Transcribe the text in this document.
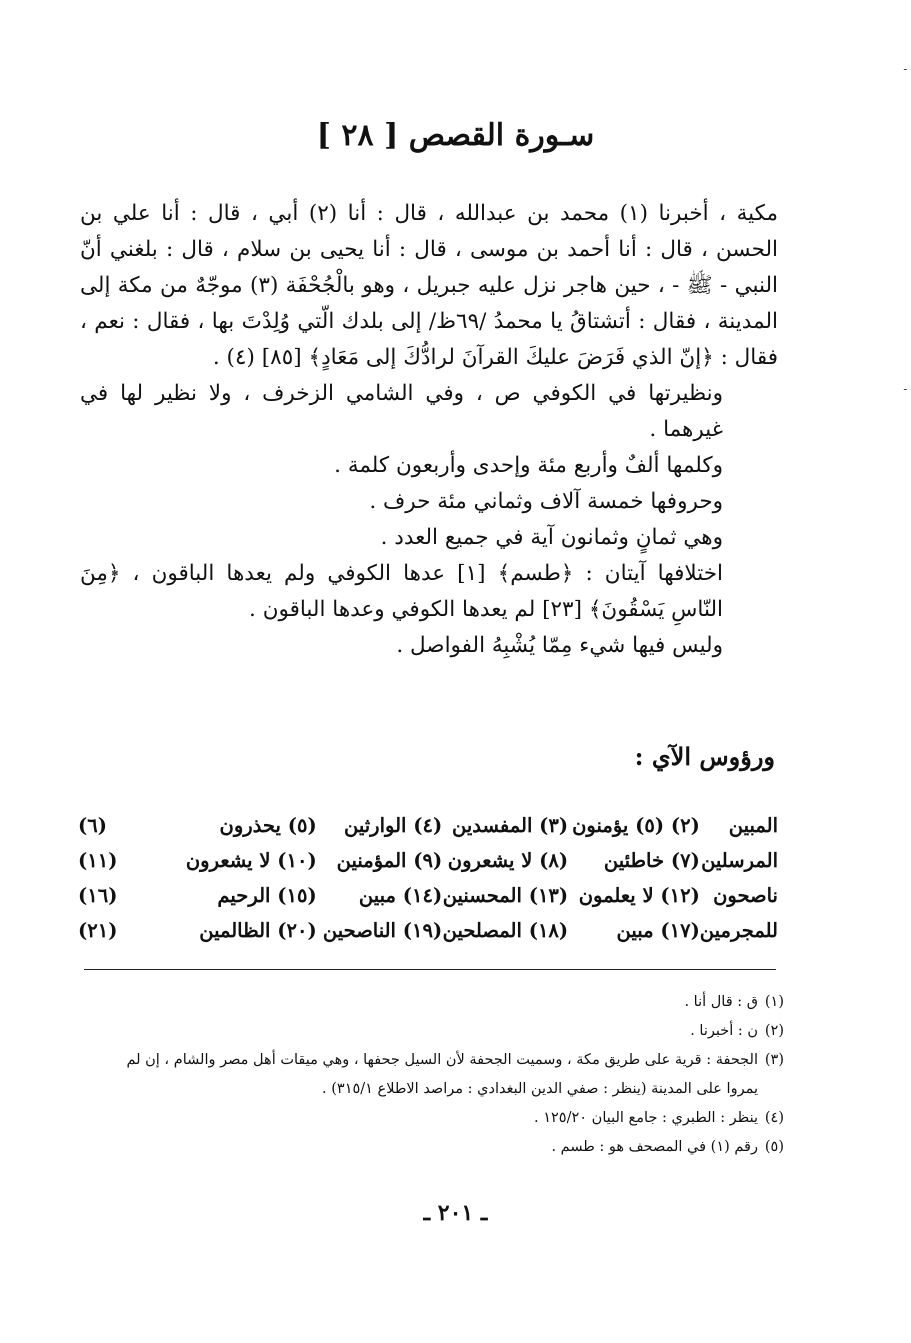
سـورة القصص [ ٢٨ ]

مكية ، أخبرنا (١) محمد بن عبدالله ، قال : أنا (٢) أبي ، قال : أنا علي بن الحسن ، قال : أنا أحمد بن موسى ، قال : أنا يحيى بن سلام ، قال : بلغني أنّ النبي - ﷺ - ، حين هاجر نزل عليه جبريل ، وهو بالْجُحْفَة (٣) موجّهٌ من مكة إلى المدينة ، فقال : أتشتاقُ يا محمدُ /٦٩ظ/ إلى بلدك الّتي وُلِدْتَ بها ، فقال : نعم ، فقال : ﴿إنّ الذي فَرَضَ عليكَ القرآنَ لرادُّكَ إلى مَعَادٍ﴾ [٨٥] (٤) .

ونظيرتها في الكوفي ص ، وفي الشامي الزخرف ، ولا نظير لها في غيرهما .

وكلمها ألفٌ وأربع مئة وإحدى وأربعون كلمة .

وحروفها خمسة آلاف وثماني مئة حرف .

وهي ثمانٍ وثمانون آية في جميع العدد .

اختلافها آيتان : ﴿طسم﴾ [١] عدها الكوفي ولم يعدها الباقون ، ﴿مِنَ النّاسِ يَسْقُونَ﴾ [٢٣] لم يعدها الكوفي وعدها الباقون .

وليس فيها شيء مِمّا يُشْبِهُ الفواصل .

ورؤوس الآي :
المبين	(٢) (٥) يؤمنون	(٣) المفسدين	(٤) الوارثين	(٥) يحذرون	(٦)
المرسلين	(٧) خاطئين	(٨) لا يشعرون	(٩) المؤمنين	(١٠) لا يشعرون	(١١)
ناصحون	(١٢) لا يعلمون	(١٣) المحسنين	(١٤) مبين	(١٥) الرحيم	(١٦)
للمجرمين	(١٧) مبين	(١٨) المصلحين	(١٩) الناصحين	(٢٠) الظالمين	(٢١)
(١)ق : قال أنا .
(٢)ن : أخبرنا .
(٣)الجحفة : قرية على طريق مكة ، وسميت الجحفة لأن السيل جحفها ، وهي ميقات أهل مصر والشام ، إن لم
يمروا على المدينة (ينظر : صفي الدين البغدادي : مراصد الاطلاع ٣١٥/١) .
(٤)ينظر : الطبري : جامع البيان ١٢٥/٢٠ .
(٥)رقم (١) في المصحف هو : طسم .
ـ ٢٠١ ـ
-
-
